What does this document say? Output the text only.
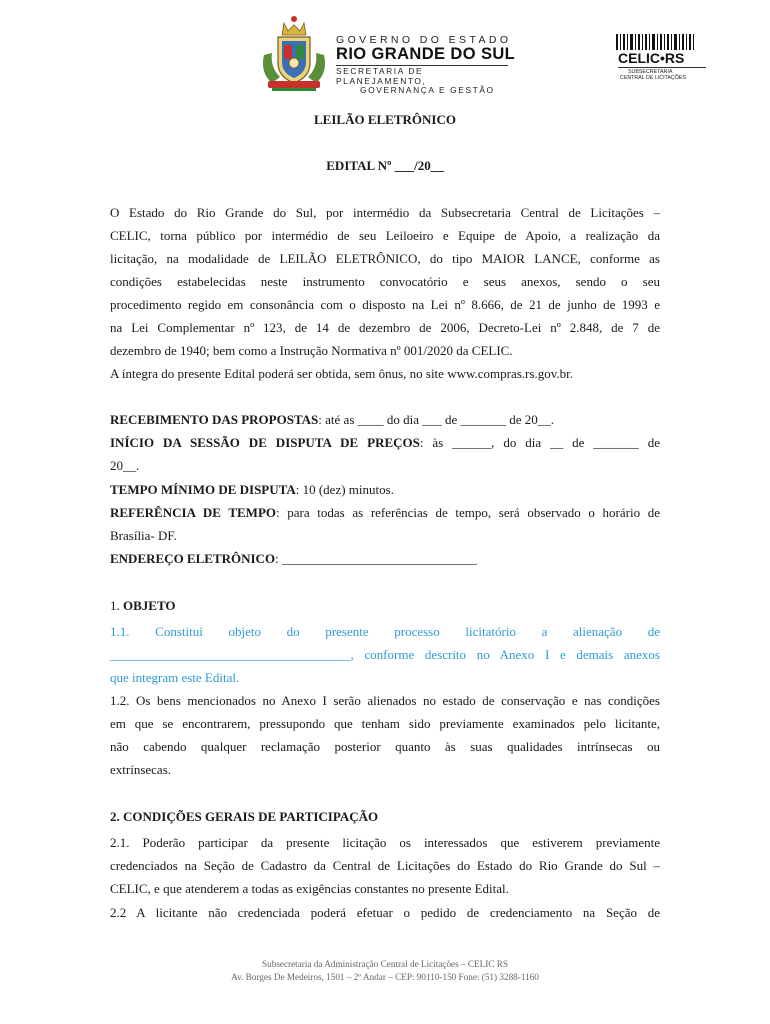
GOVERNO DO ESTADO
RIO GRANDE DO SUL
SECRETARIA DE PLANEJAMENTO,
GOVERNANÇA E GESTÃO
CELIC•RS
SUBSECRETARIA
CENTRAL DE LICITAÇÕES

LEILÃO ELETRÔNICO

EDITAL Nº ___/20__

O Estado do Rio Grande do Sul, por intermédio da Subsecretaria Central de Licitações –

CELIC, torna público por intermédio de seu Leiloeiro e Equipe de Apoio, a realização da

licitação, na modalidade de LEILÃO ELETRÔNICO, do tipo MAIOR LANCE, conforme as

condições estabelecidas neste instrumento convocatório e seus anexos, sendo o seu

procedimento regido em consonância com o disposto na Lei nº 8.666, de 21 de junho de 1993 e

na Lei Complementar nº 123, de 14 de dezembro de 2006, Decreto-Lei nº 2.848, de 7 de

dezembro de 1940; bem como a Instrução Normativa nº 001/2020 da CELIC.

A íntegra do presente Edital poderá ser obtida, sem ônus, no site www.compras.rs.gov.br.

RECEBIMENTO DAS PROPOSTAS: até as ____ do dia ___ de _______ de 20__.

INÍCIO DA SESSÃO DE DISPUTA DE PREÇOS: às ______, do dia __ de _______ de

20__.

TEMPO MÍNIMO DE DISPUTA: 10 (dez) minutos.

REFERÊNCIA DE TEMPO: para todas as referências de tempo, será observado o horário de

Brasília- DF.

ENDEREÇO ELETRÔNICO: ______________________________

1. OBJETO

1.1. Constitui objeto do presente processo licitatório a alienação de

_____________________________________, conforme descrito no Anexo I e demais anexos

que integram este Edital.

1.2. Os bens mencionados no Anexo I serão alienados no estado de conservação e nas condições

em que se encontrarem, pressupondo que tenham sido previamente examinados pelo licitante,

não cabendo qualquer reclamação posterior quanto às suas qualidades intrínsecas ou

extrínsecas.

2. CONDIÇÕES GERAIS DE PARTICIPAÇÃO

2.1. Poderão participar da presente licitação os interessados que estiverem previamente

credenciados na Seção de Cadastro da Central de Licitações do Estado do Rio Grande do Sul –

CELIC, e que atenderem a todas as exigências constantes no presente Edital.

2.2 A licitante não credenciada poderá efetuar o pedido de credenciamento na Seção de

Subsecretaria da Administração Central de Licitações – CELIC RS
Av. Borges De Medeiros, 1501 – 2º Andar – CEP: 90110-150 Fone: (51) 3288-1160
